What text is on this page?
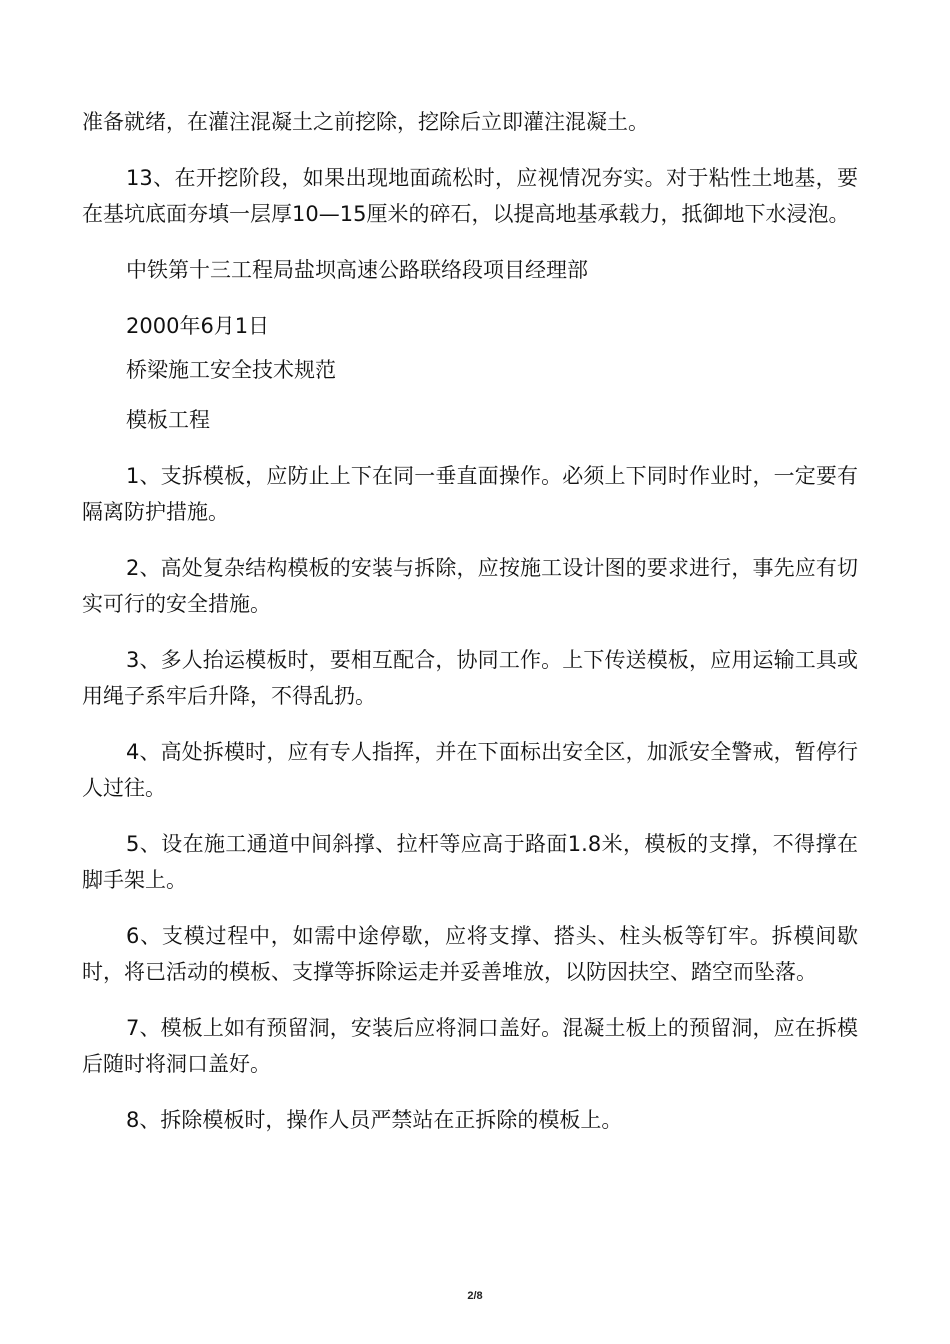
准备就绪，在灌注混凝土之前挖除，挖除后立即灌注混凝土。

13、在开挖阶段，如果出现地面疏松时，应视情况夯实。对于粘性土地基，要在基坑底面夯填一层厚10—15厘米的碎石，以提高地基承载力，抵御地下水浸泡。

中铁第十三工程局盐坝高速公路联络段项目经理部

2000年6月1日

桥梁施工安全技术规范

模板工程

1、支拆模板，应防止上下在同一垂直面操作。必须上下同时作业时，一定要有隔离防护措施。

2、高处复杂结构模板的安装与拆除，应按施工设计图的要求进行，事先应有切实可行的安全措施。

3、多人抬运模板时，要相互配合，协同工作。上下传送模板，应用运输工具或用绳子系牢后升降，不得乱扔。

4、高处拆模时，应有专人指挥，并在下面标出安全区，加派安全警戒，暂停行人过往。

5、设在施工通道中间斜撑、拉杆等应高于路面1.8米，模板的支撑，不得撑在脚手架上。

6、支模过程中，如需中途停歇，应将支撑、搭头、柱头板等钉牢。拆模间歇时，将已活动的模板、支撑等拆除运走并妥善堆放，以防因扶空、踏空而坠落。

7、模板上如有预留洞，安装后应将洞口盖好。混凝土板上的预留洞，应在拆模后随时将洞口盖好。

8、拆除模板时，操作人员严禁站在正拆除的模板上。

2/8
